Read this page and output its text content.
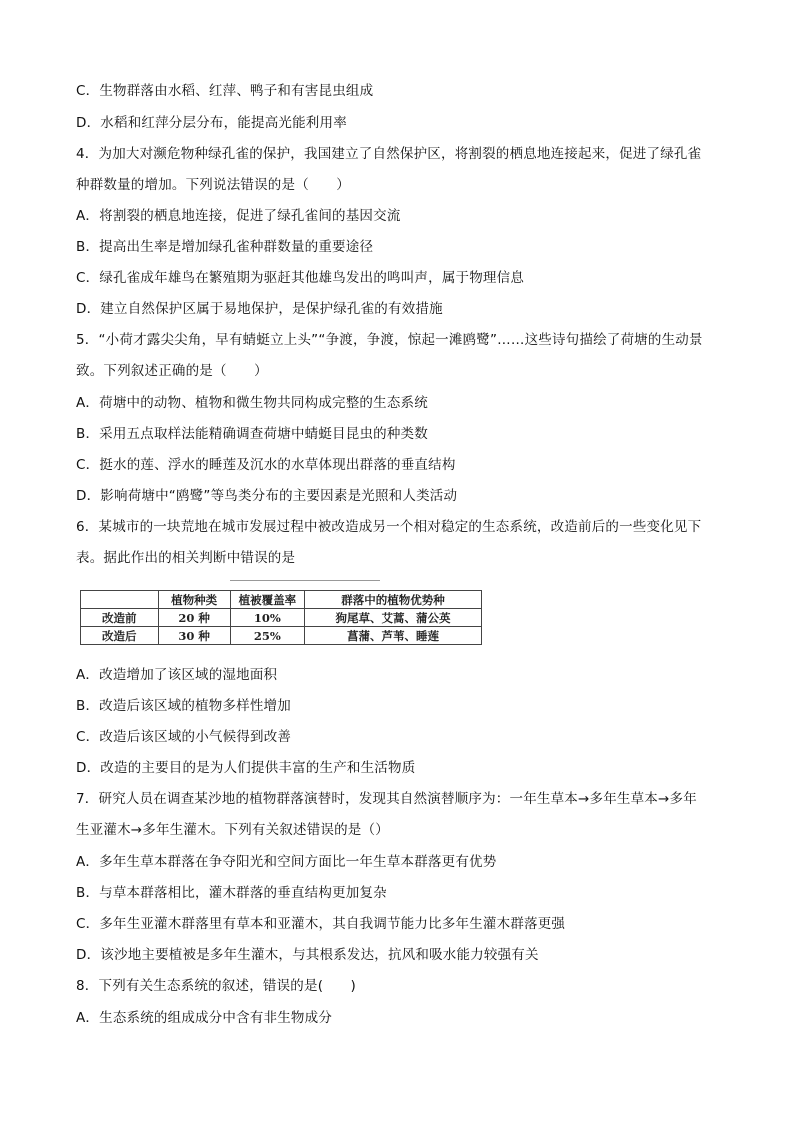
C．生物群落由水稻、红萍、鸭子和有害昆虫组成
D．水稻和红萍分层分布，能提高光能利用率
4．为加大对濒危物种绿孔雀的保护，我国建立了自然保护区，将割裂的栖息地连接起来，促进了绿孔雀
种群数量的增加。下列说法错误的是（　　）
A．将割裂的栖息地连接，促进了绿孔雀间的基因交流
B．提高出生率是增加绿孔雀种群数量的重要途径
C．绿孔雀成年雄鸟在繁殖期为驱赶其他雄鸟发出的鸣叫声，属于物理信息
D．建立自然保护区属于易地保护，是保护绿孔雀的有效措施
5．“小荷才露尖尖角，早有蜻蜓立上头”“争渡，争渡，惊起一滩鸥鹭”……这些诗句描绘了荷塘的生动景
致。下列叙述正确的是（　　）
A．荷塘中的动物、植物和微生物共同构成完整的生态系统
B．采用五点取样法能精确调查荷塘中蜻蜓目昆虫的种类数
C．挺水的莲、浮水的睡莲及沉水的水草体现出群落的垂直结构
D．影响荷塘中“鸥鹭”等鸟类分布的主要因素是光照和人类活动
6．某城市的一块荒地在城市发展过程中被改造成另一个相对稳定的生态系统，改造前后的一些变化见下
表。据此作出的相关判断中错误的是
	植物种类	植被覆盖率	群落中的植物优势种
改造前	20 种	10%	狗尾草、艾蒿、蒲公英
改造后	30 种	25%	菖蒲、芦苇、睡莲
A．改造增加了该区域的湿地面积
B．改造后该区域的植物多样性增加
C．改造后该区域的小气候得到改善
D．改造的主要目的是为人们提供丰富的生产和生活物质
7．研究人员在调查某沙地的植物群落演替时，发现其自然演替顺序为：一年生草本→多年生草本→多年
生亚灌木→多年生灌木。下列有关叙述错误的是（）
A．多年生草本群落在争夺阳光和空间方面比一年生草本群落更有优势
B．与草本群落相比，灌木群落的垂直结构更加复杂
C．多年生亚灌木群落里有草本和亚灌木，其自我调节能力比多年生灌木群落更强
D．该沙地主要植被是多年生灌木，与其根系发达，抗风和吸水能力较强有关
8．下列有关生态系统的叙述，错误的是(　　)
A．生态系统的组成成分中含有非生物成分
